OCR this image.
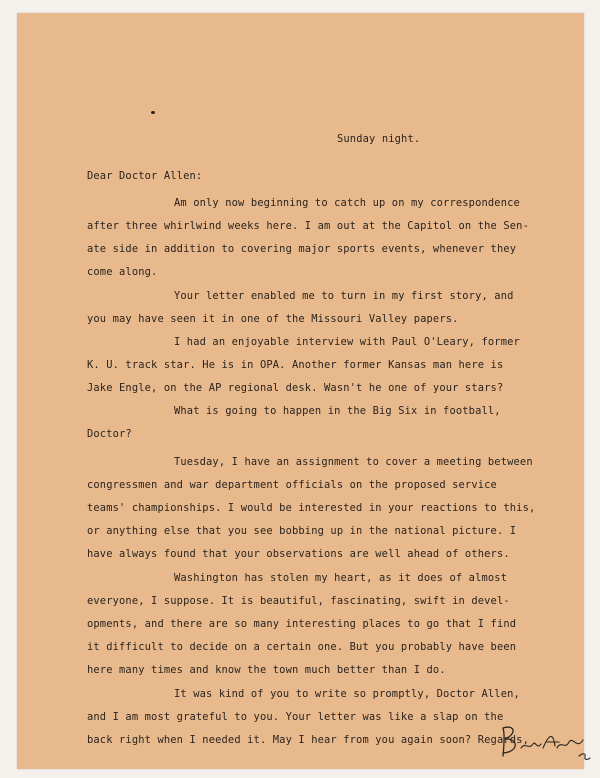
Sunday night.
Dear Doctor Allen:
Am only now beginning to catch up on my correspondence
after three whirlwind weeks here. I am out at the Capitol on the Sen-
ate side in addition to covering major sports events, whenever they
come along.
Your letter enabled me to turn in my first story, and
you may have seen it in one of the Missouri Valley papers.
I had an enjoyable interview with Paul O'Leary, former
K. U. track star. He is in OPA. Another former Kansas man here is
Jake Engle, on the AP regional desk. Wasn't he one of your stars?
What is going to happen in the Big Six in football,
Doctor?
Tuesday, I have an assignment to cover a meeting between
congressmen and war department officials on the proposed service
teams' championships. I would be interested in your reactions to this,
or anything else that you see bobbing up in the national picture. I
have always found that your observations are well ahead of others.
Washington has stolen my heart, as it does of almost
everyone, I suppose. It is beautiful, fascinating, swift in devel-
opments, and there are so many interesting places to go that I find
it difficult to decide on a certain one. But you probably have been
here many times and know the town much better than I do.
It was kind of you to write so promptly, Doctor Allen,
and I am most grateful to you. Your letter was like a slap on the
back right when I needed it. May I hear from you again soon? Regards,
